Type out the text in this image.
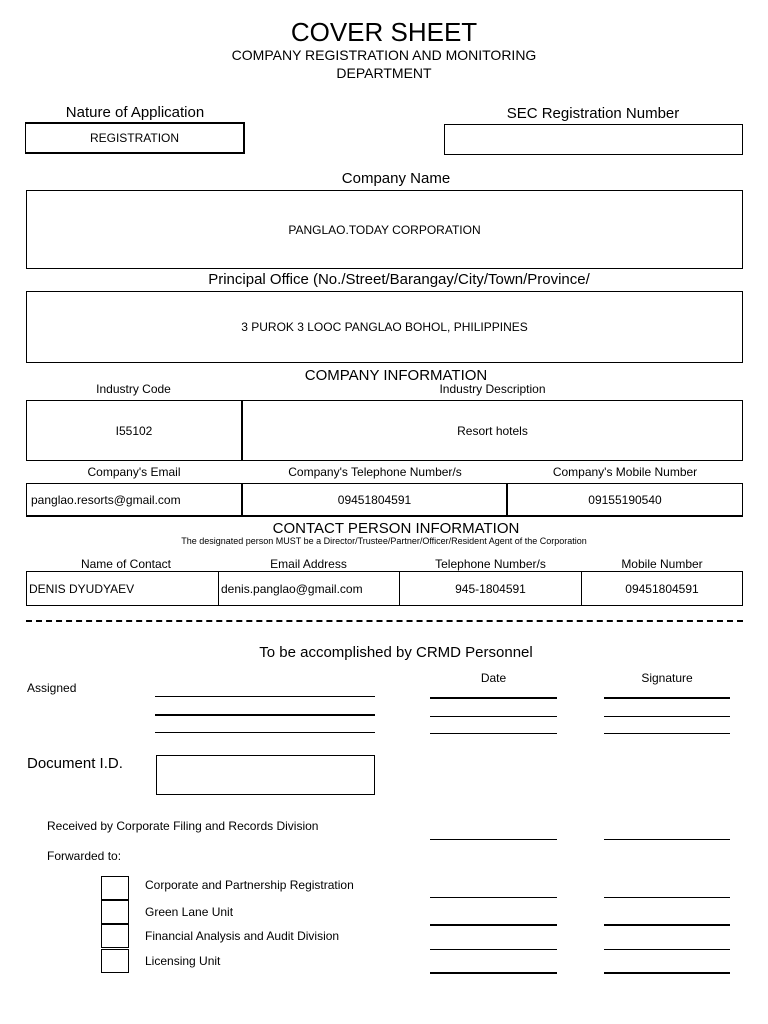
COVER SHEET
COMPANY REGISTRATION AND MONITORING
DEPARTMENT
Nature of Application
REGISTRATION
SEC Registration Number
Company Name
PANGLAO.TODAY CORPORATION
Principal Office (No./Street/Barangay/City/Town/Province/
3 PUROK 3 LOOC PANGLAO BOHOL, PHILIPPINES
COMPANY INFORMATION
Industry Code	Industry Description
I55102	Resort hotels
Company's Email	Company's Telephone Number/s	Company's Mobile Number
panglao.resorts@gmail.com	09451804591	09155190540
CONTACT PERSON INFORMATION
The designated person MUST be a Director/Trustee/Partner/Officer/Resident Agent of the Corporation
Name of Contact	Email Address	Telephone Number/s	Mobile Number
DENIS DYUDYAEV	denis.panglao@gmail.com	945-1804591	09451804591
To be accomplished by CRMD Personnel
Assigned
Date	Signature
Document I.D.
Received by Corporate Filing and Records Division
Forwarded to:
Corporate and Partnership Registration
Green Lane Unit
Financial Analysis and Audit Division
Licensing Unit
